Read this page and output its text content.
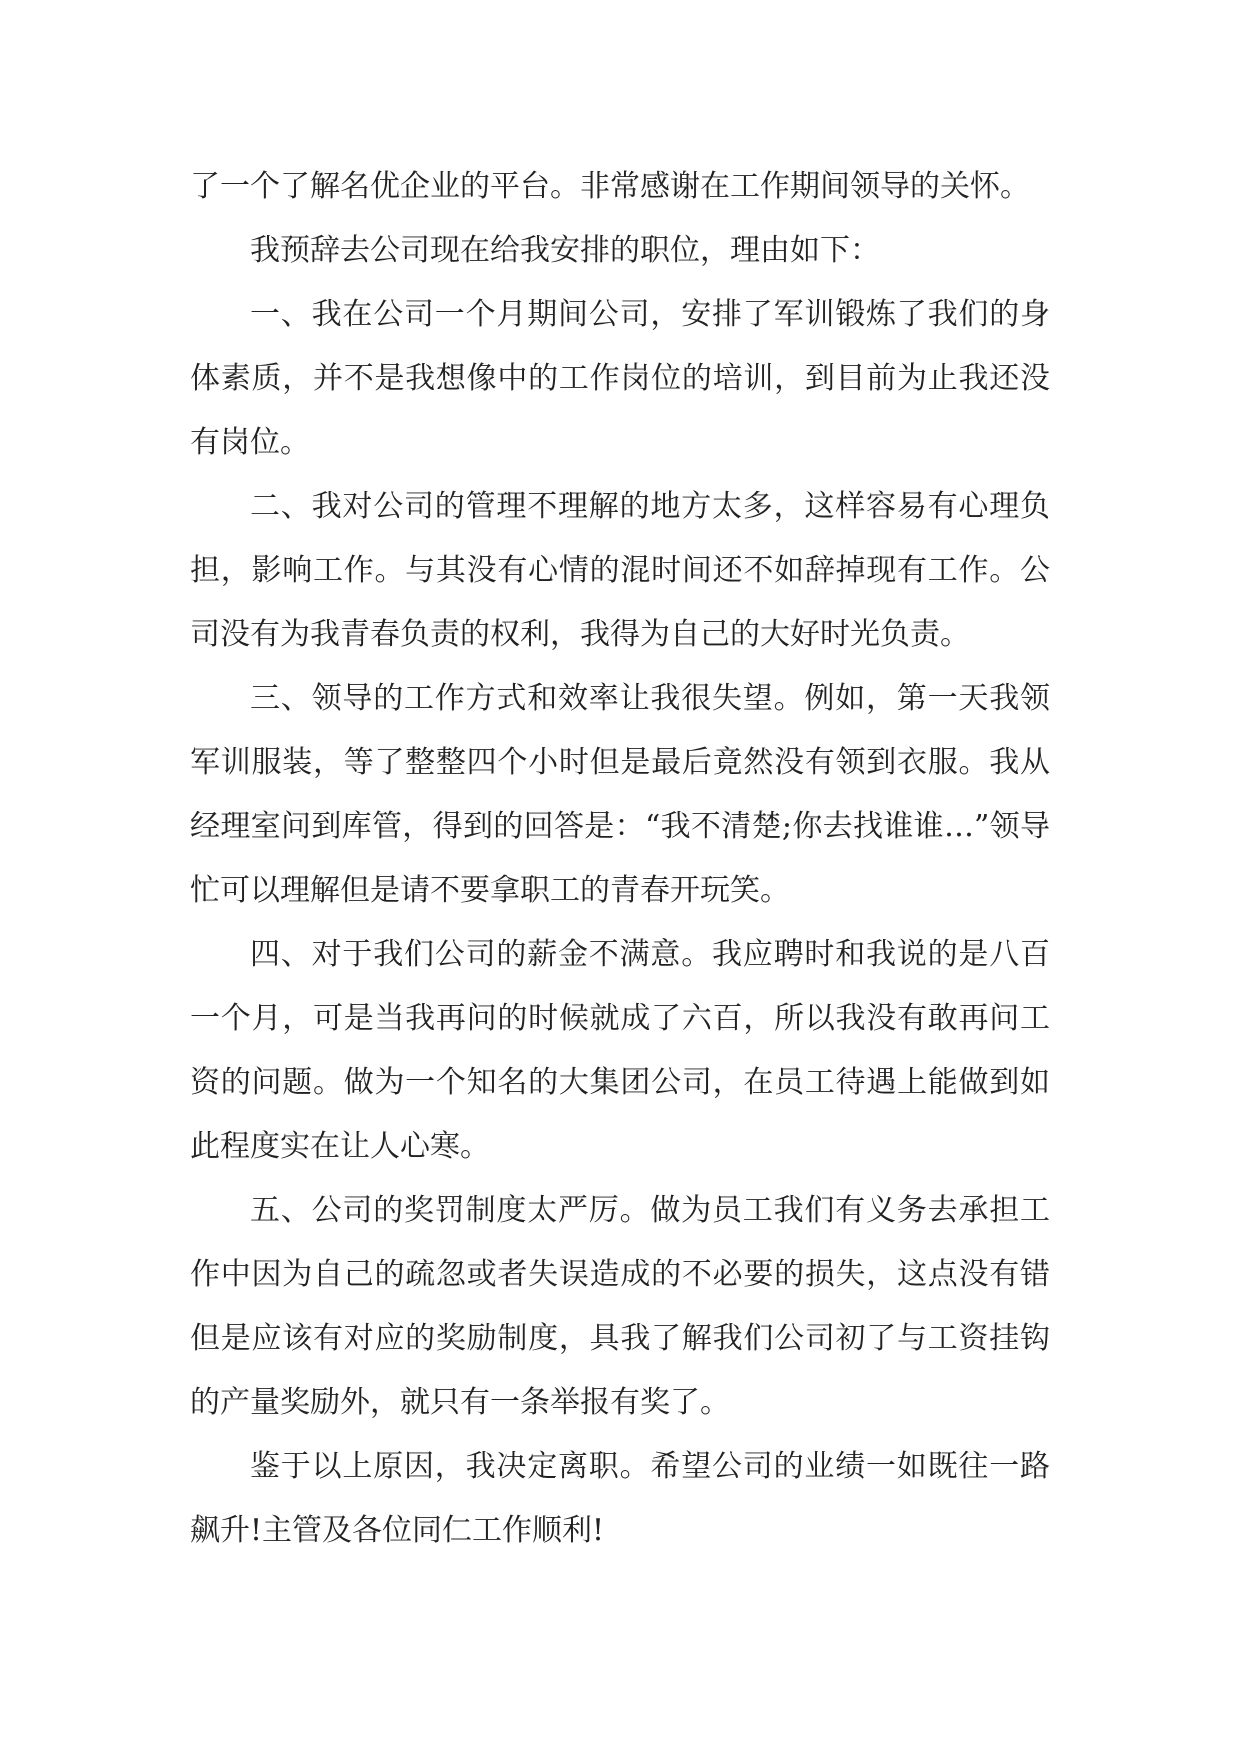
了一个了解名优企业的平台。非常感谢在工作期间领导的关怀。

我预辞去公司现在给我安排的职位，理由如下：

一、我在公司一个月期间公司，安排了军训锻炼了我们的身体素质，并不是我想像中的工作岗位的培训，到目前为止我还没有岗位。

二、我对公司的管理不理解的地方太多，这样容易有心理负担，影响工作。与其没有心情的混时间还不如辞掉现有工作。公司没有为我青春负责的权利，我得为自己的大好时光负责。

三、领导的工作方式和效率让我很失望。例如，第一天我领军训服装，等了整整四个小时但是最后竟然没有领到衣服。我从经理室问到库管，得到的回答是：“我不清楚;你去找谁谁…”领导忙可以理解但是请不要拿职工的青春开玩笑。

四、对于我们公司的薪金不满意。我应聘时和我说的是八百一个月，可是当我再问的时候就成了六百，所以我没有敢再问工资的问题。做为一个知名的大集团公司，在员工待遇上能做到如此程度实在让人心寒。

五、公司的奖罚制度太严厉。做为员工我们有义务去承担工作中因为自己的疏忽或者失误造成的不必要的损失，这点没有错但是应该有对应的奖励制度，具我了解我们公司初了与工资挂钩的产量奖励外，就只有一条举报有奖了。

鉴于以上原因，我决定离职。希望公司的业绩一如既往一路飙升!主管及各位同仁工作顺利!
